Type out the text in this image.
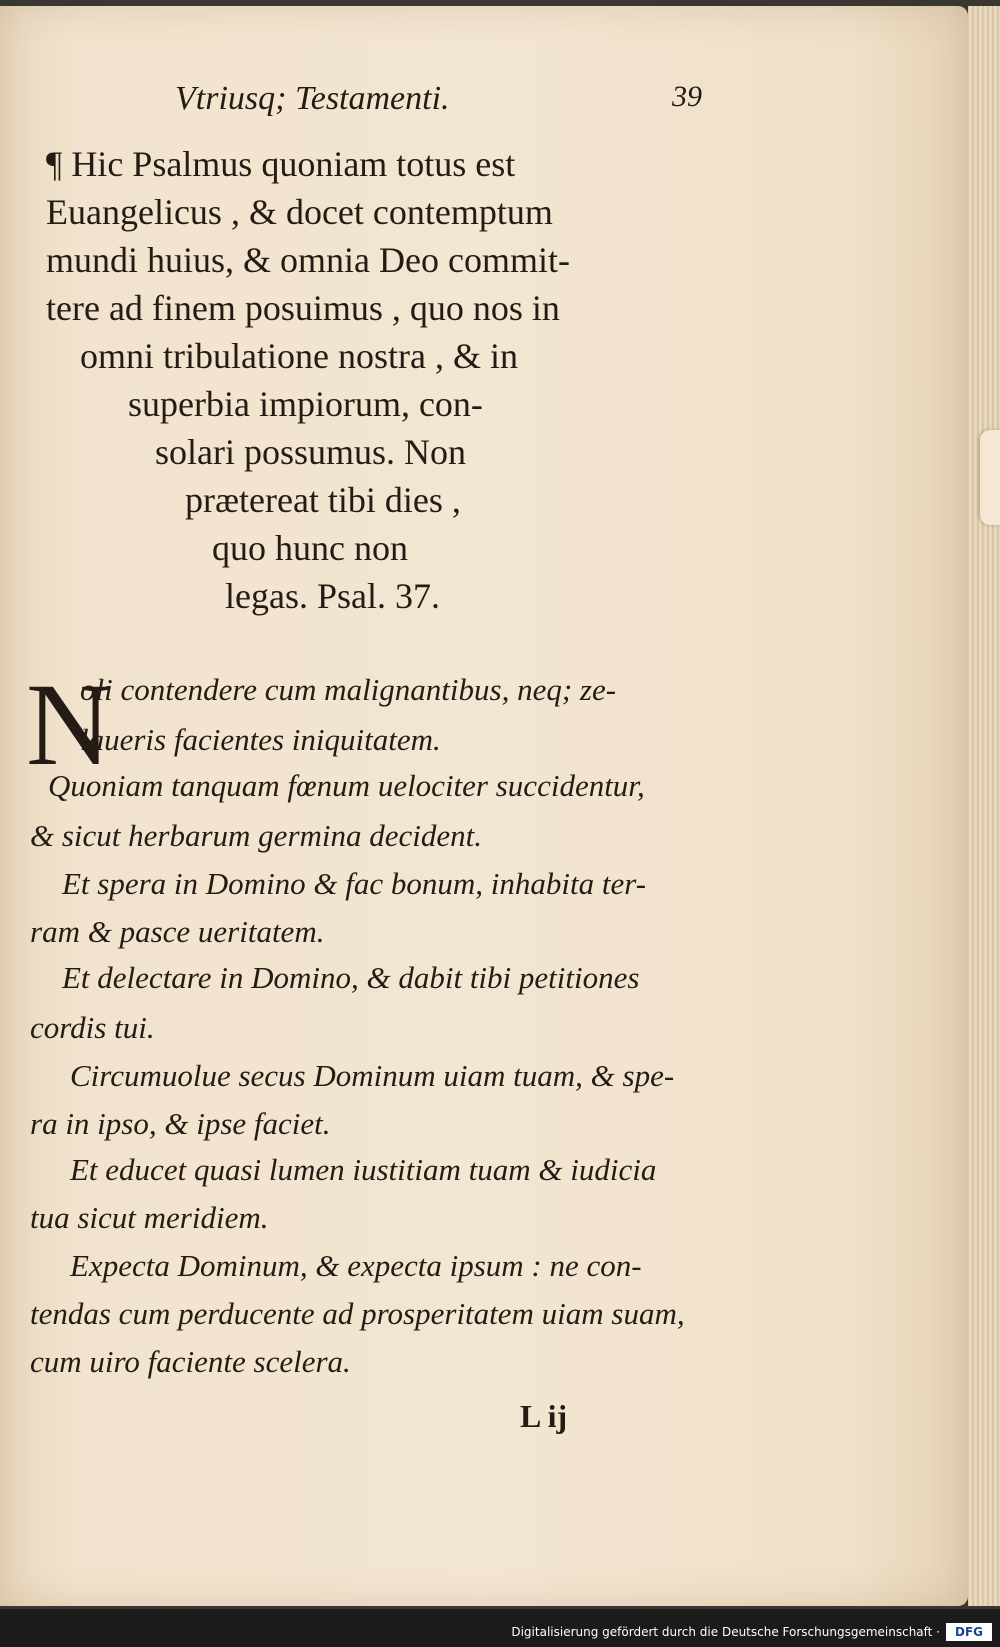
Vtriusq; Testamenti.	39
¶ Hic Psalmus quoniam totus est
Euangelicus , & docet contemptum
mundi huius, & omnia Deo commit-
tere ad finem posuimus , quo nos in
omni tribulatione nostra , & in
superbia impiorum, con-
solari possumus. Non
prætereat tibi dies ,
quo hunc non
legas. Psal. 37.
N
oli contendere cum malignantibus, neq; ze-
laueris facientes iniquitatem.
Quoniam tanquam fœnum uelociter succidentur,
& sicut herbarum germina decident.
Et spera in Domino & fac bonum, inhabita ter-
ram & pasce ueritatem.
Et delectare in Domino, & dabit tibi petitiones
cordis tui.
Circumuolue secus Dominum uiam tuam, & spe-
ra in ipso, & ipse faciet.
Et educet quasi lumen iustitiam tuam & iudicia
tua sicut meridiem.
Expecta Dominum, & expecta ipsum : ne con-
tendas cum perducente ad prosperitatem uiam suam,
cum uiro faciente scelera.
L ij
Digitalisierung gefördert durch die Deutsche Forschungsgemeinschaft ·	DFG
